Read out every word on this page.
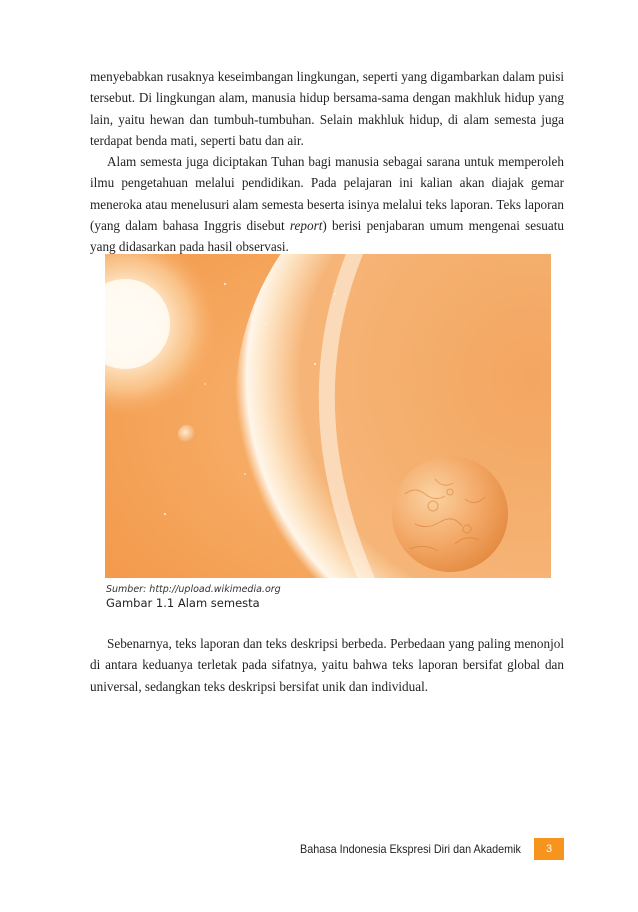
menyebabkan rusaknya keseimbangan lingkungan, seperti yang digambarkan dalam puisi tersebut. Di lingkungan alam, manusia hidup bersama-sama dengan makhluk hidup yang lain, yaitu hewan dan tumbuh-tumbuhan. Selain makhluk hidup, di alam semesta juga terdapat benda mati, seperti batu dan air.

Alam semesta juga diciptakan Tuhan bagi manusia sebagai sarana untuk memperoleh ilmu pengetahuan melalui pendidikan. Pada pelajaran ini kalian akan diajak gemar meneroka atau menelusuri alam semesta beserta isinya melalui teks laporan. Teks laporan (yang dalam bahasa Inggris disebut report) berisi penjabaran umum mengenai sesuatu yang didasarkan pada hasil observasi.

Sumber: http://upload.wikimedia.org
Gambar 1.1 Alam semesta

Sebenarnya, teks laporan dan teks deskripsi berbeda. Perbedaan yang paling menonjol di antara keduanya terletak pada sifatnya, yaitu bahwa teks laporan bersifat global dan universal, sedangkan teks deskripsi bersifat unik dan individual.

Bahasa Indonesia Ekspresi Diri dan Akademik	3
